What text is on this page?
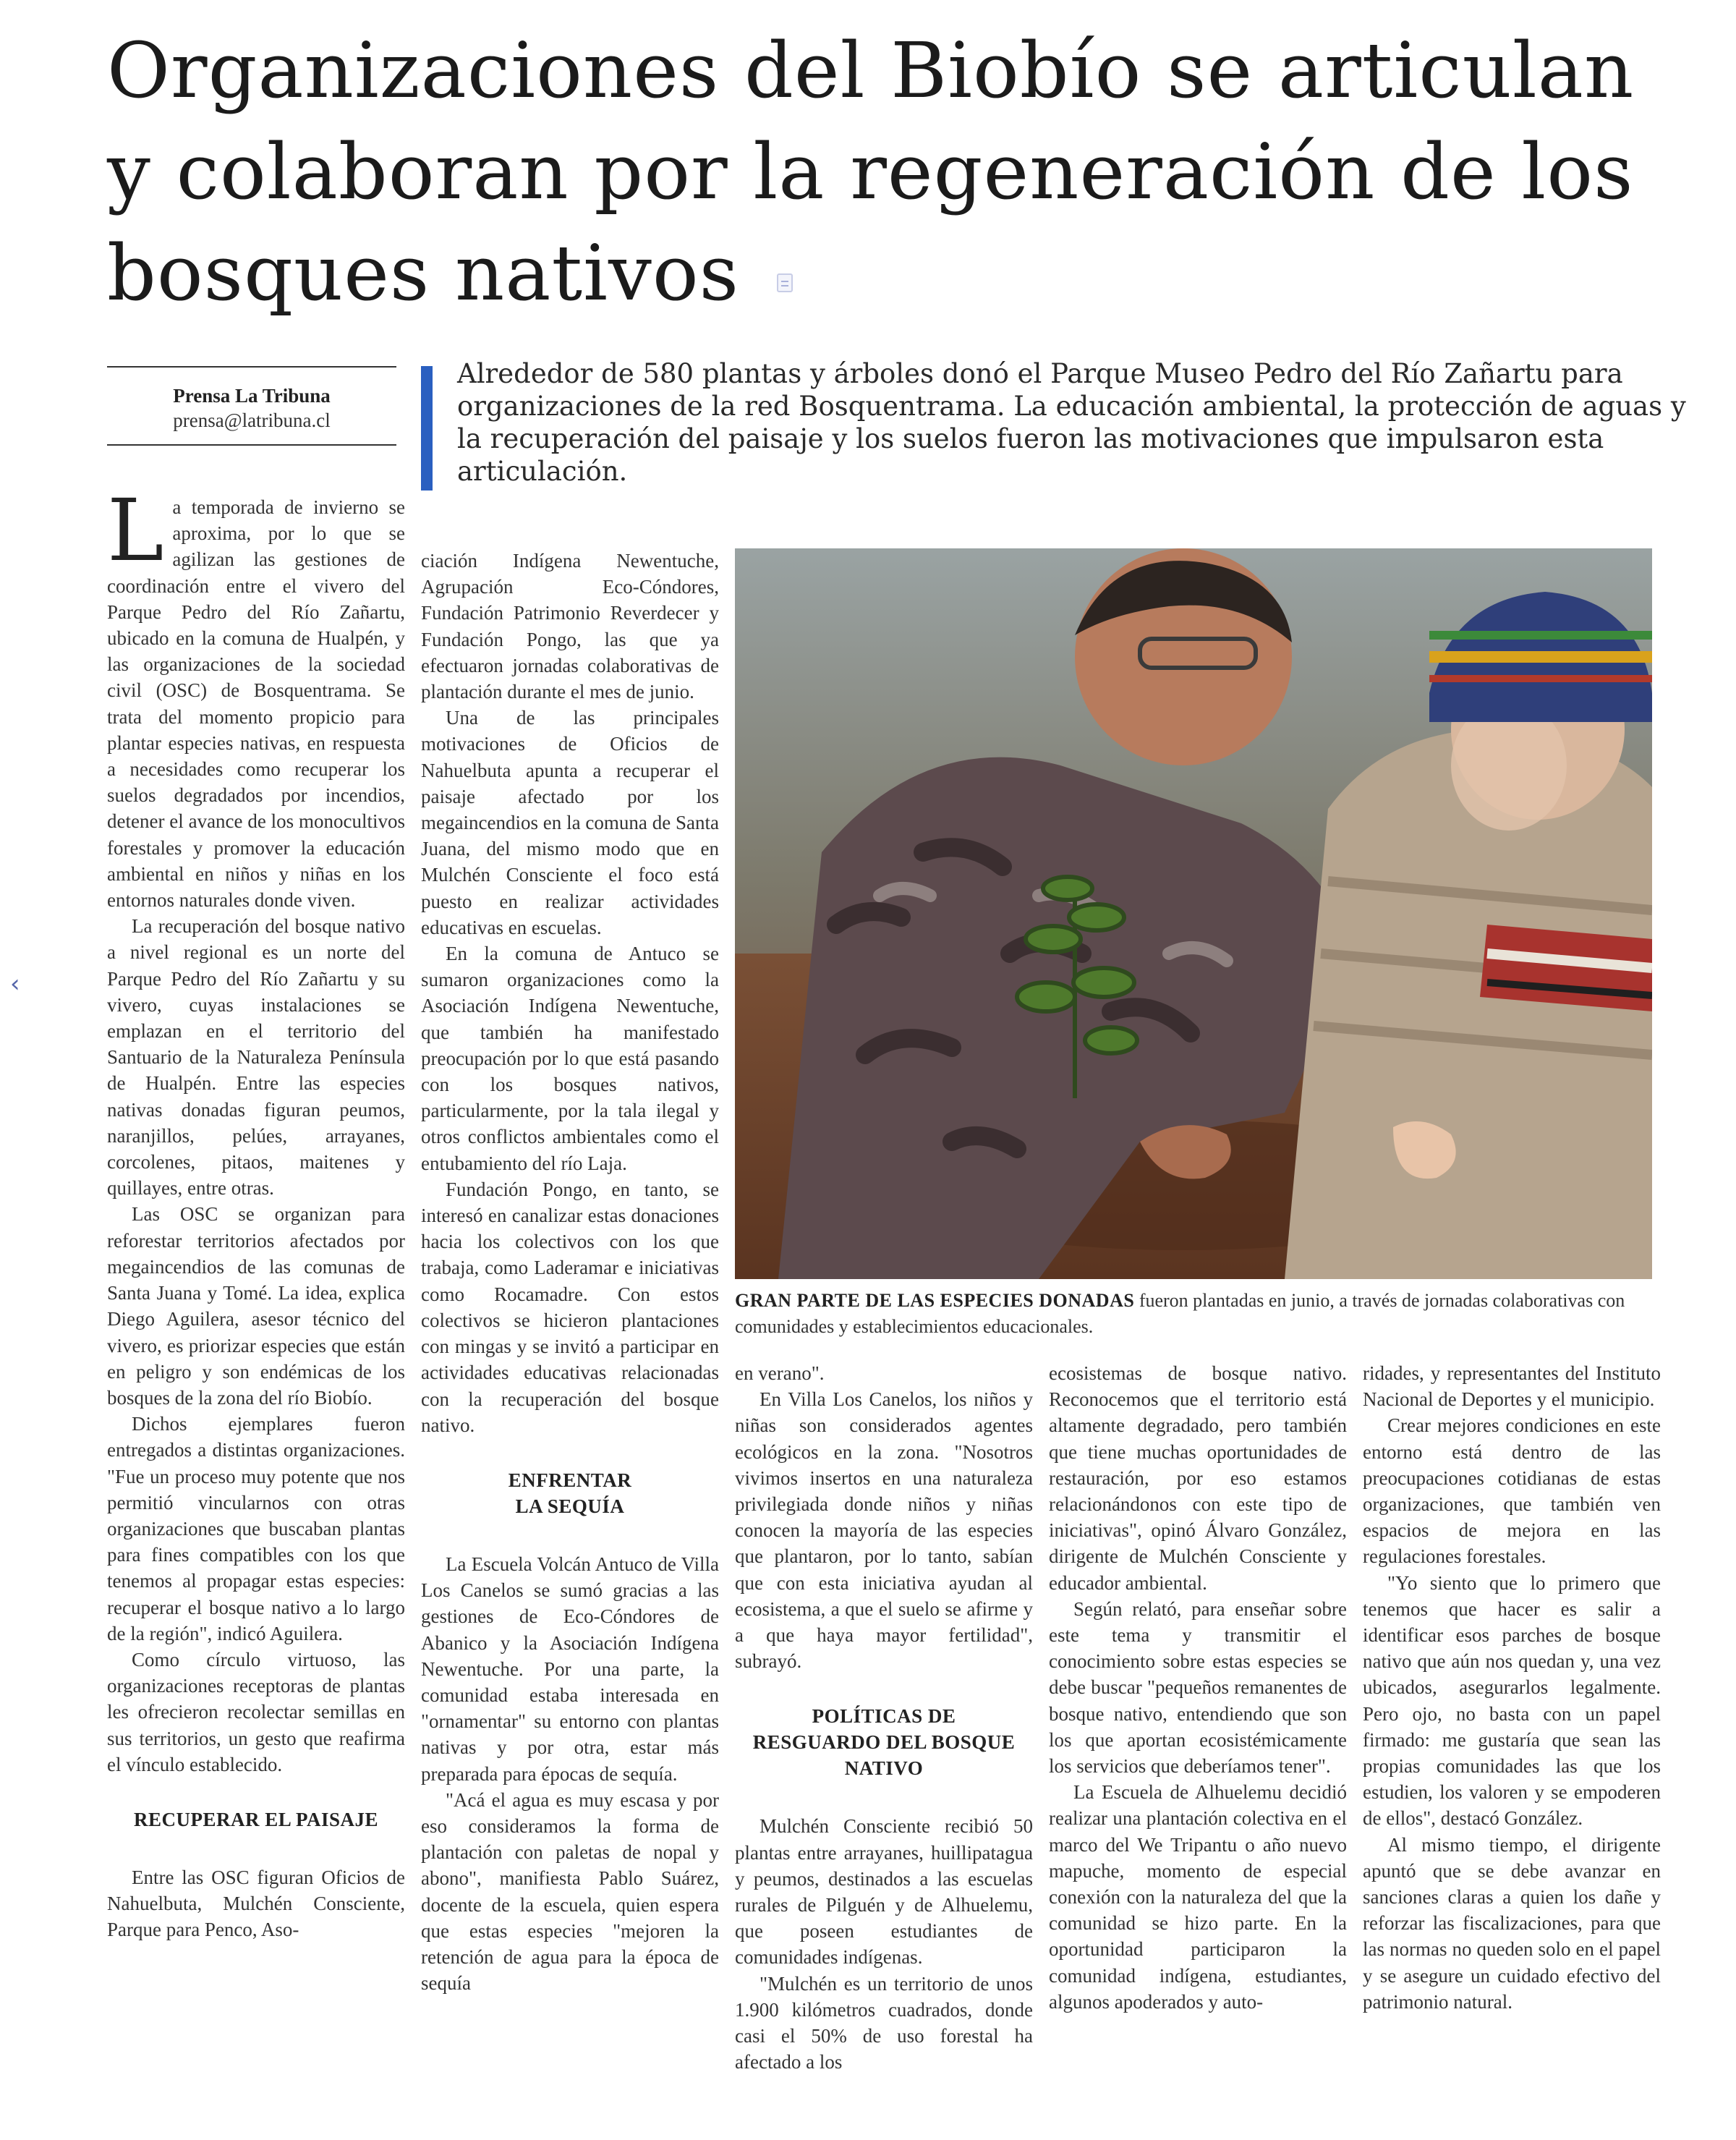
Organizaciones del Biobío se articulan y colaboran por la regeneración de los bosques nativos
Prensa La Tribuna
prensa@latribuna.cl

Alrededor de 580 plantas y árboles donó el Parque Museo Pedro del Río Zañartu para organizaciones de la red Bosquentrama. La educación ambiental, la protección de aguas y la recuperación del paisaje y los suelos fueron las motivaciones que impulsaron esta articulación.

GRAN PARTE DE LAS ESPECIES DONADAS fueron plantadas en junio, a través de jornadas colaborativas con comunidades y establecimientos educacionales.

La temporada de invierno se aproxima, por lo que se agilizan las gestiones de coordinación entre el vivero del Parque Pedro del Río Zañartu, ubicado en la comuna de Hualpén, y las organizaciones de la sociedad civil (OSC) de Bosquentrama. Se trata del momento propicio para plantar especies nativas, en respuesta a necesidades como recuperar los suelos degradados por incendios, detener el avance de los monocultivos forestales y promover la educación ambiental en niños y niñas en los entornos naturales donde viven.

La recuperación del bosque nativo a nivel regional es un norte del Parque Pedro del Río Zañartu y su vivero, cuyas instalaciones se emplazan en el territorio del Santuario de la Naturaleza Península de Hualpén. Entre las especies nativas donadas figuran peumos, naranjillos, pelúes, arrayanes, corcolenes, pitaos, maitenes y quillayes, entre otras.

Las OSC se organizan para reforestar territorios afectados por megaincendios de las comunas de Santa Juana y Tomé. La idea, explica Diego Aguilera, asesor técnico del vivero, es priorizar especies que están en peligro y son endémicas de los bosques de la zona del río Biobío.

Dichos ejemplares fueron entregados a distintas organizaciones. "Fue un proceso muy potente que nos permitió vincularnos con otras organizaciones que buscaban plantas para fines compatibles con los que tenemos al propagar estas especies: recuperar el bosque nativo a lo largo de la región", indicó Aguilera.

Como círculo virtuoso, las organizaciones receptoras de plantas les ofrecieron recolectar semillas en sus territorios, un gesto que reafirma el vínculo establecido.

RECUPERAR EL PAISAJE

Entre las OSC figuran Oficios de Nahuelbuta, Mulchén Consciente, Parque para Penco, Aso-

ciación Indígena Newentuche, Agrupación Eco-Cóndores, Fundación Patrimonio Reverdecer y Fundación Pongo, las que ya efectuaron jornadas colaborativas de plantación durante el mes de junio.

Una de las principales motivaciones de Oficios de Nahuelbuta apunta a recuperar el paisaje afectado por los megaincendios en la comuna de Santa Juana, del mismo modo que en Mulchén Consciente el foco está puesto en realizar actividades educativas en escuelas.

En la comuna de Antuco se sumaron organizaciones como la Asociación Indígena Newentuche, que también ha manifestado preocupación por lo que está pasando con los bosques nativos, particularmente, por la tala ilegal y otros conflictos ambientales como el entubamiento del río Laja.

Fundación Pongo, en tanto, se interesó en canalizar estas donaciones hacia los colectivos con los que trabaja, como Laderamar e iniciativas como Rocamadre. Con estos colectivos se hicieron plantaciones con mingas y se invitó a participar en actividades educativas relacionadas con la recuperación del bosque nativo.

ENFRENTAR LA SEQUÍA

La Escuela Volcán Antuco de Villa Los Canelos se sumó gracias a las gestiones de Eco-Cóndores de Abanico y la Asociación Indígena Newentuche. Por una parte, la comunidad estaba interesada en "ornamentar" su entorno con plantas nativas y por otra, estar más preparada para épocas de sequía.

"Acá el agua es muy escasa y por eso consideramos la forma de plantación con paletas de nopal y abono", manifiesta Pablo Suárez, docente de la escuela, quien espera que estas especies "mejoren la retención de agua para la época de sequía

en verano".

En Villa Los Canelos, los niños y niñas son considerados agentes ecológicos en la zona. "Nosotros vivimos insertos en una naturaleza privilegiada donde niños y niñas conocen la mayoría de las especies que plantaron, por lo tanto, sabían que con esta iniciativa ayudan al ecosistema, a que el suelo se afirme y a que haya mayor fertilidad", subrayó.

POLÍTICAS DE RESGUARDO DEL BOSQUE NATIVO

Mulchén Consciente recibió 50 plantas entre arrayanes, huillipatagua y peumos, destinados a las escuelas rurales de Pilguén y de Alhuelemu, que poseen estudiantes de comunidades indígenas.

"Mulchén es un territorio de unos 1.900 kilómetros cuadrados, donde casi el 50% de uso forestal ha afectado a los

ecosistemas de bosque nativo. Reconocemos que el territorio está altamente degradado, pero también que tiene muchas oportunidades de restauración, por eso estamos relacionándonos con este tipo de iniciativas", opinó Álvaro González, dirigente de Mulchén Consciente y educador ambiental.

Según relató, para enseñar sobre este tema y transmitir el conocimiento sobre estas especies se debe buscar "pequeños remanentes de bosque nativo, entendiendo que son los que aportan ecosistémicamente los servicios que deberíamos tener".

La Escuela de Alhuelemu decidió realizar una plantación colectiva en el marco del We Tripantu o año nuevo mapuche, momento de especial conexión con la naturaleza del que la comunidad se hizo parte. En la oportunidad participaron la comunidad indígena, estudiantes, algunos apoderados y auto-

ridades, y representantes del Instituto Nacional de Deportes y el municipio.

Crear mejores condiciones en este entorno está dentro de las preocupaciones cotidianas de estas organizaciones, que también ven espacios de mejora en las regulaciones forestales.

"Yo siento que lo primero que tenemos que hacer es salir a identificar esos parches de bosque nativo que aún nos quedan y, una vez ubicados, asegurarlos legalmente. Pero ojo, no basta con un papel firmado: me gustaría que sean las propias comunidades las que los estudien, los valoren y se empoderen de ellos", destacó González.

Al mismo tiempo, el dirigente apuntó que se debe avanzar en sanciones claras a quien los dañe y reforzar las fiscalizaciones, para que las normas no queden solo en el papel y se asegure un cuidado efectivo del patrimonio natural.

‹
